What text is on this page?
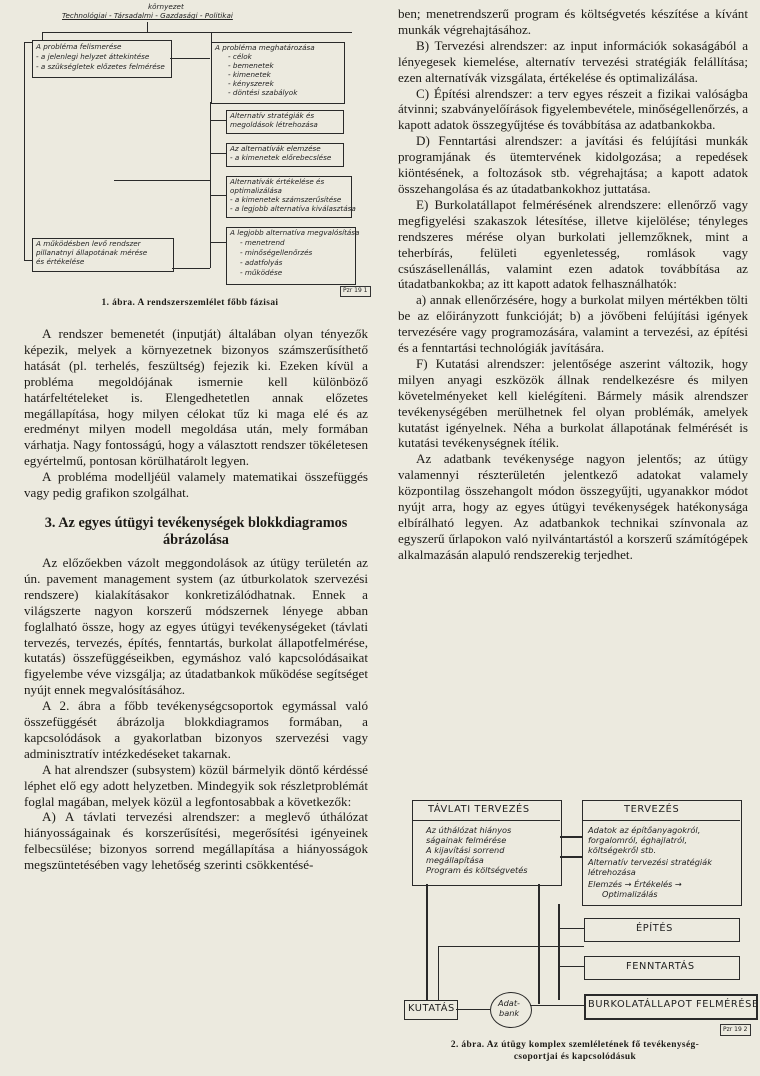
környezet
Technológiai - Társadalmi - Gazdasági - Politikai
A probléma felismerése
- a jelenlegi helyzet áttekintése
- a szükségletek előzetes felmérése
A probléma meghatározása
- célok
- bemenetek
- kimenetek
- kényszerek
- döntési szabályok
Alternatív stratégiák és
megoldások létrehozása
Az alternatívák elemzése
- a kimenetek előrebecslése
Alternatívák értékelése és
optimalizálása
- a kimenetek számszerűsítése
- a legjobb alternatíva kiválasztása
A legjobb alternatíva megvalósítása
- menetrend
- minőségellenőrzés
- adatfolyás
- működése
A működésben levő rendszer
pillanatnyi állapotának mérése
és értékelése
Pzr 19 1
1. ábra. A rendszerszemlélet főbb fázisai

A rendszer bemenetét (inputját) általában olyan tényezők képezik, melyek a környezetnek bizonyos számszerűsíthető hatását (pl. terhelés, feszültség) fejezik ki. Ezeken kívül a probléma megoldójának ismernie kell különböző határfeltételeket is. Elengedhetetlen annak előzetes megállapítása, hogy milyen célokat tűz ki maga elé és az eredményt milyen modell megoldása után, mely formában várhatja. Nagy fontosságú, hogy a választott rendszer tökéletesen egyértelmű, pontosan körülhatárolt legyen.

A probléma modelljéül valamely matematikai összefüggés vagy pedig grafikon szolgálhat.

3. Az egyes útügyi tevékenységek blokkdiagramos ábrázolása

Az előzőekben vázolt meggondolások az útügy területén az ún. pavement management system (az útburkolatok szervezési rendszere) kialakításakor konkretizálódhatnak. Ennek a világszerte nagyon korszerű módszernek lényege abban foglalható össze, hogy az egyes útügyi tevékenységeket (távlati tervezés, tervezés, építés, fenntartás, burkolat állapotfelmérése, kutatás) összefüggéseikben, egymáshoz való kapcsolódásaikat figyelembe véve vizsgálja; az útadatbankok működése segítséget nyújt ennek megvalósításához.

A 2. ábra a főbb tevékenységcsoportok egymással való összefüggését ábrázolja blokkdiagramos formában, a kapcsolódások a gyakorlatban bizonyos szervezési vagy adminisztratív intézkedéseket takarnak.

A hat alrendszer (subsystem) közül bármelyik döntő kérdéssé léphet elő egy adott helyzetben. Mindegyik sok részletproblémát foglal magában, melyek közül a legfontosabbak a következők:

A) A távlati tervezési alrendszer: a meglevő úthálózat hiányosságainak és korszerűsítési, megerősítési igényeinek felbecsülése; bizonyos sorrend megállapítása a hiányosságok megszüntetésében vagy lehetőség szerinti csökkentésé-

ben; menetrendszerű program és költségvetés készítése a kívánt munkák végrehajtásához.

B) Tervezési alrendszer: az input információk sokaságából a lényegesek kiemelése, alternatív tervezési stratégiák felállítása; ezen alternatívák vizsgálata, értékelése és optimalizálása.

C) Építési alrendszer: a terv egyes részeit a fizikai valóságba átvinni; szabványelőírások figyelembevétele, minőségellenőrzés, a kapott adatok összegyűjtése és továbbítása az adatbankokba.

D) Fenntartási alrendszer: a javítási és felújítási munkák programjának és ütemtervének kidolgozása; a repedések kiöntésének, a foltozások stb. végrehajtása; a kapott adatok összehangolása és az útadatbankokhoz juttatása.

E) Burkolatállapot felmérésének alrendszere: ellenőrző vagy megfigyelési szakaszok létesítése, illetve kijelölése; tényleges rendszeres mérése olyan burkolati jellemzőknek, mint a teherbírás, felületi egyenletesség, romlások vagy csúszásellenállás, valamint ezen adatok továbbítása az útadatbankokba; az itt kapott adatok felhasználhatók:

a) annak ellenőrzésére, hogy a burkolat milyen mértékben tölti be az előirányzott funkcióját; b) a jövőbeni felújítási igények tervezésére vagy programozására, valamint a tervezési, az építési és a fenntartási technológiák javítására.

F) Kutatási alrendszer: jelentősége aszerint változik, hogy milyen anyagi eszközök állnak rendelkezésre és milyen követelményeket kell kielégíteni. Bármely másik alrendszer tevékenységében merülhetnek fel olyan problémák, amelyek kutatást igényelnek. Néha a burkolat állapotának felmérését is kutatási tevékenységnek ítélik.

Az adatbank tevékenysége nagyon jelentős; az útügy valamennyi részterületén jelentkező adatokat valamely központilag összehangolt módon összegyűjti, ugyanakkor módot nyújt arra, hogy az egyes útügyi tevékenységek hatékonysága elbírálható legyen. Az adatbankok technikai színvonala az egyszerű űrlapokon való nyilvántartástól a korszerű számítógépek alkalmazásán alapuló rendszerekig terjedhet.

TÁVLATI TERVEZÉS
Az úthálózat hiányos
ságainak felmérése
A kijavítási sorrend
megállapítása
Program és költségvetés
TERVEZÉS
Adatok az építőanyagokról,
forgalomról, éghajlatról,
költségekről stb.
Alternatív tervezési stratégiák
létrehozása
Elemzés → Értékelés →
Optimalizálás
ÉPÍTÉS
FENNTARTÁS
BURKOLATÁLLAPOT FELMÉRÉSE
KUTATÁS	Adat-
bank
Pzr 19 2
2. ábra. Az útügy komplex szemléletének fő tevékenység-
csoportjai és kapcsolódásuk
